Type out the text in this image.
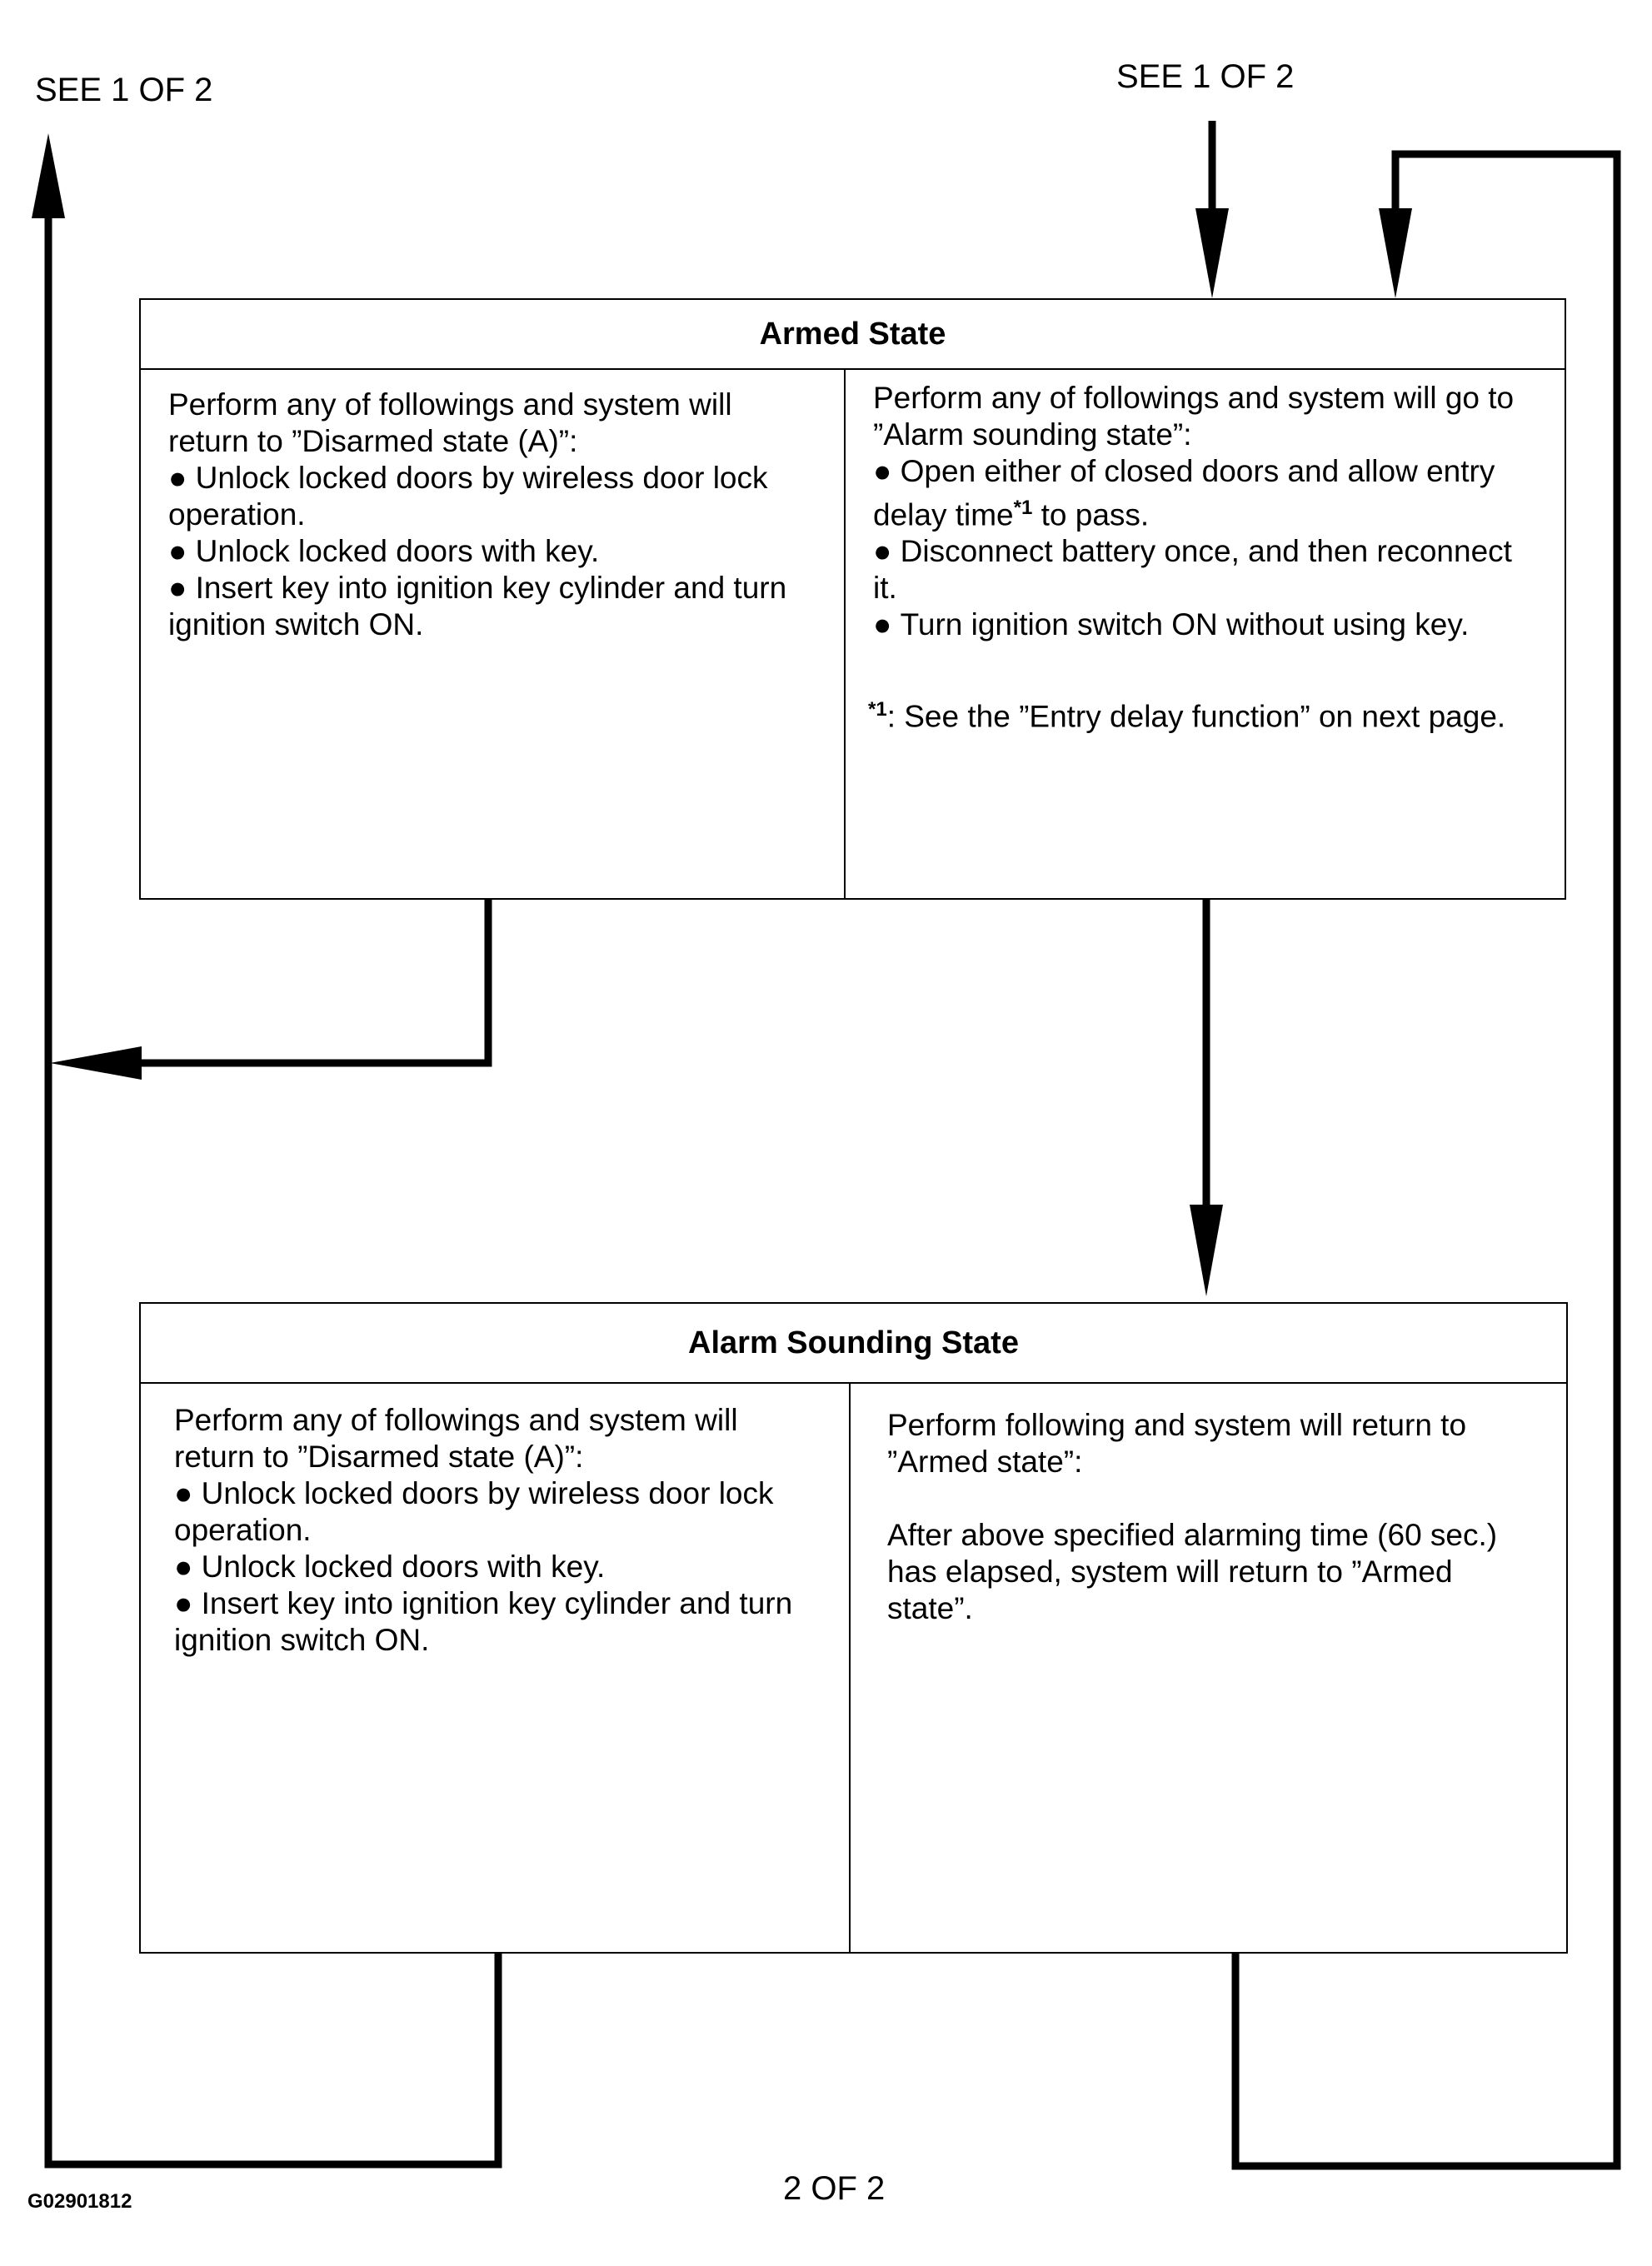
SEE 1 OF 2	SEE 1 OF 2
Armed State

Perform any of followings and system will return to ”Disarmed state (A)”:

● Unlock locked doors by wireless door lock operation.

● Unlock locked doors with key.

● Insert key into ignition key cylinder and turn ignition switch ON.

Perform any of followings and system will go to ”Alarm sounding state”:

● Open either of closed doors and allow entry delay time$^{*1}$ to pass.

● Disconnect battery once, and then reconnect it.

● Turn ignition switch ON without using key.

$^{*1}$: See the ”Entry delay function” on next page.

Alarm Sounding State

Perform any of followings and system will return to ”Disarmed state (A)”:

● Unlock locked doors by wireless door lock operation.

● Unlock locked doors with key.

● Insert key into ignition key cylinder and turn ignition switch ON.

Perform following and system will return to ”Armed state”:

After above specified alarming time (60 sec.) has elapsed, system will return to ”Armed state”.

2 OF 2
G02901812
